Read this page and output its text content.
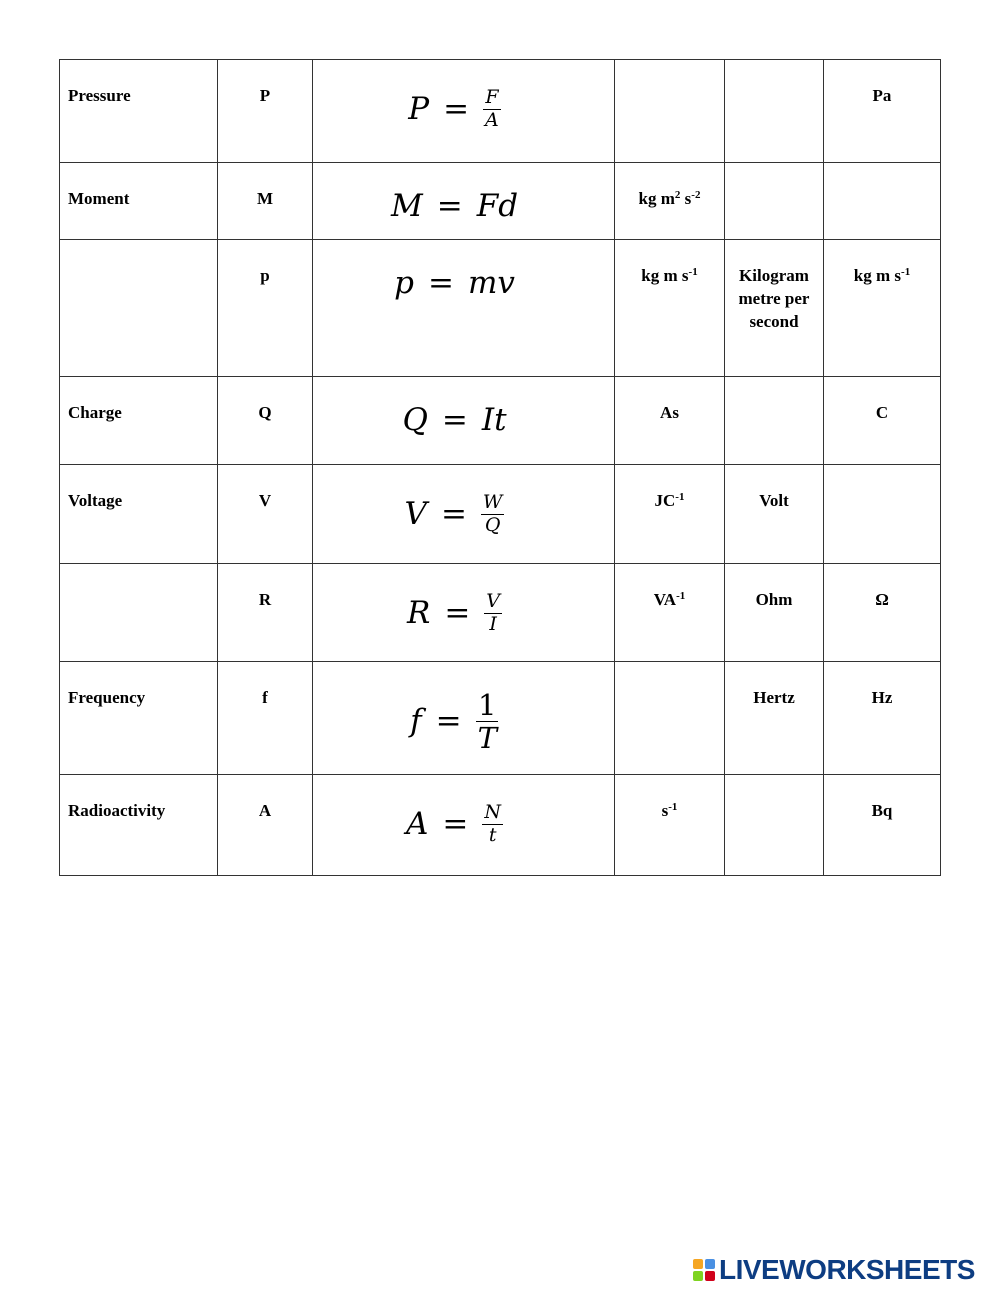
Pressure	P	$P = \frac{F}{A}$			Pa

Moment	M	M = Fd	kg $m^2$ $s^{-2}$

	p	p = mv	kg m $s^{-1}$	Kilogram metre per second	kg m $s^{-1}$

Charge	Q	Q = It	As		C

Voltage	V	$V = \frac{W}{Q}$	$JC^{-1}$	Volt	

	R	$R = \frac{V}{I}$	$VA^{-1}$	Ohm	Ω

Frequency	f	$f = \frac{1}{T}$		Hertz	Hz

Radioactivity	A	$A = \frac{N}{t}$	$s^{-1}$		Bq
LIVEWORKSHEETS
